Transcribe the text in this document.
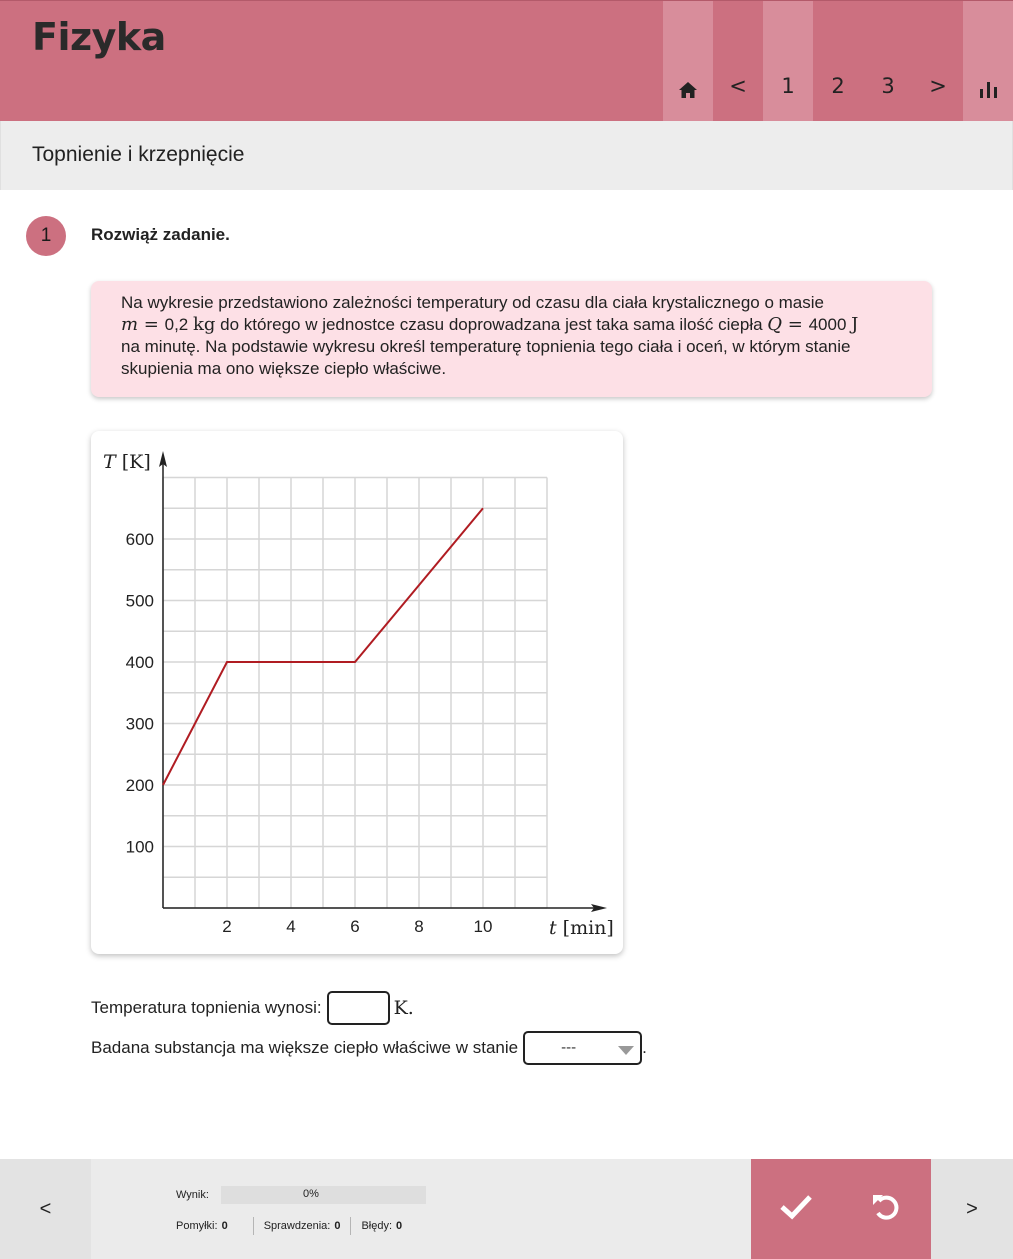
Fizyka
<	1	2	3	>
Topnienie i krzepnięcie
1	Rozwiąż zadanie.
Na wykresie przedstawiono zależności temperatury od czasu dla ciała krystalicznego o masie
m = 0,2 kg do którego w jednostce czasu doprowadzana jest taka sama ilość ciepła Q = 4000 J
na minutę. Na podstawie wykresu określ temperaturę topnienia tego ciała i oceń, w którym stanie skupienia ma ono większe ciepło właściwe.
2	4	6	8	10
100
200
300
400
500
600
T [K]
t [min]
Temperatura topnienia wynosi:	K.
Badana substancja ma większe ciepło właściwe w stanie	---	.
<
Wynik:	0%
Pomyłki: 0	Sprawdzenia: 0 Błędy: 0
>
